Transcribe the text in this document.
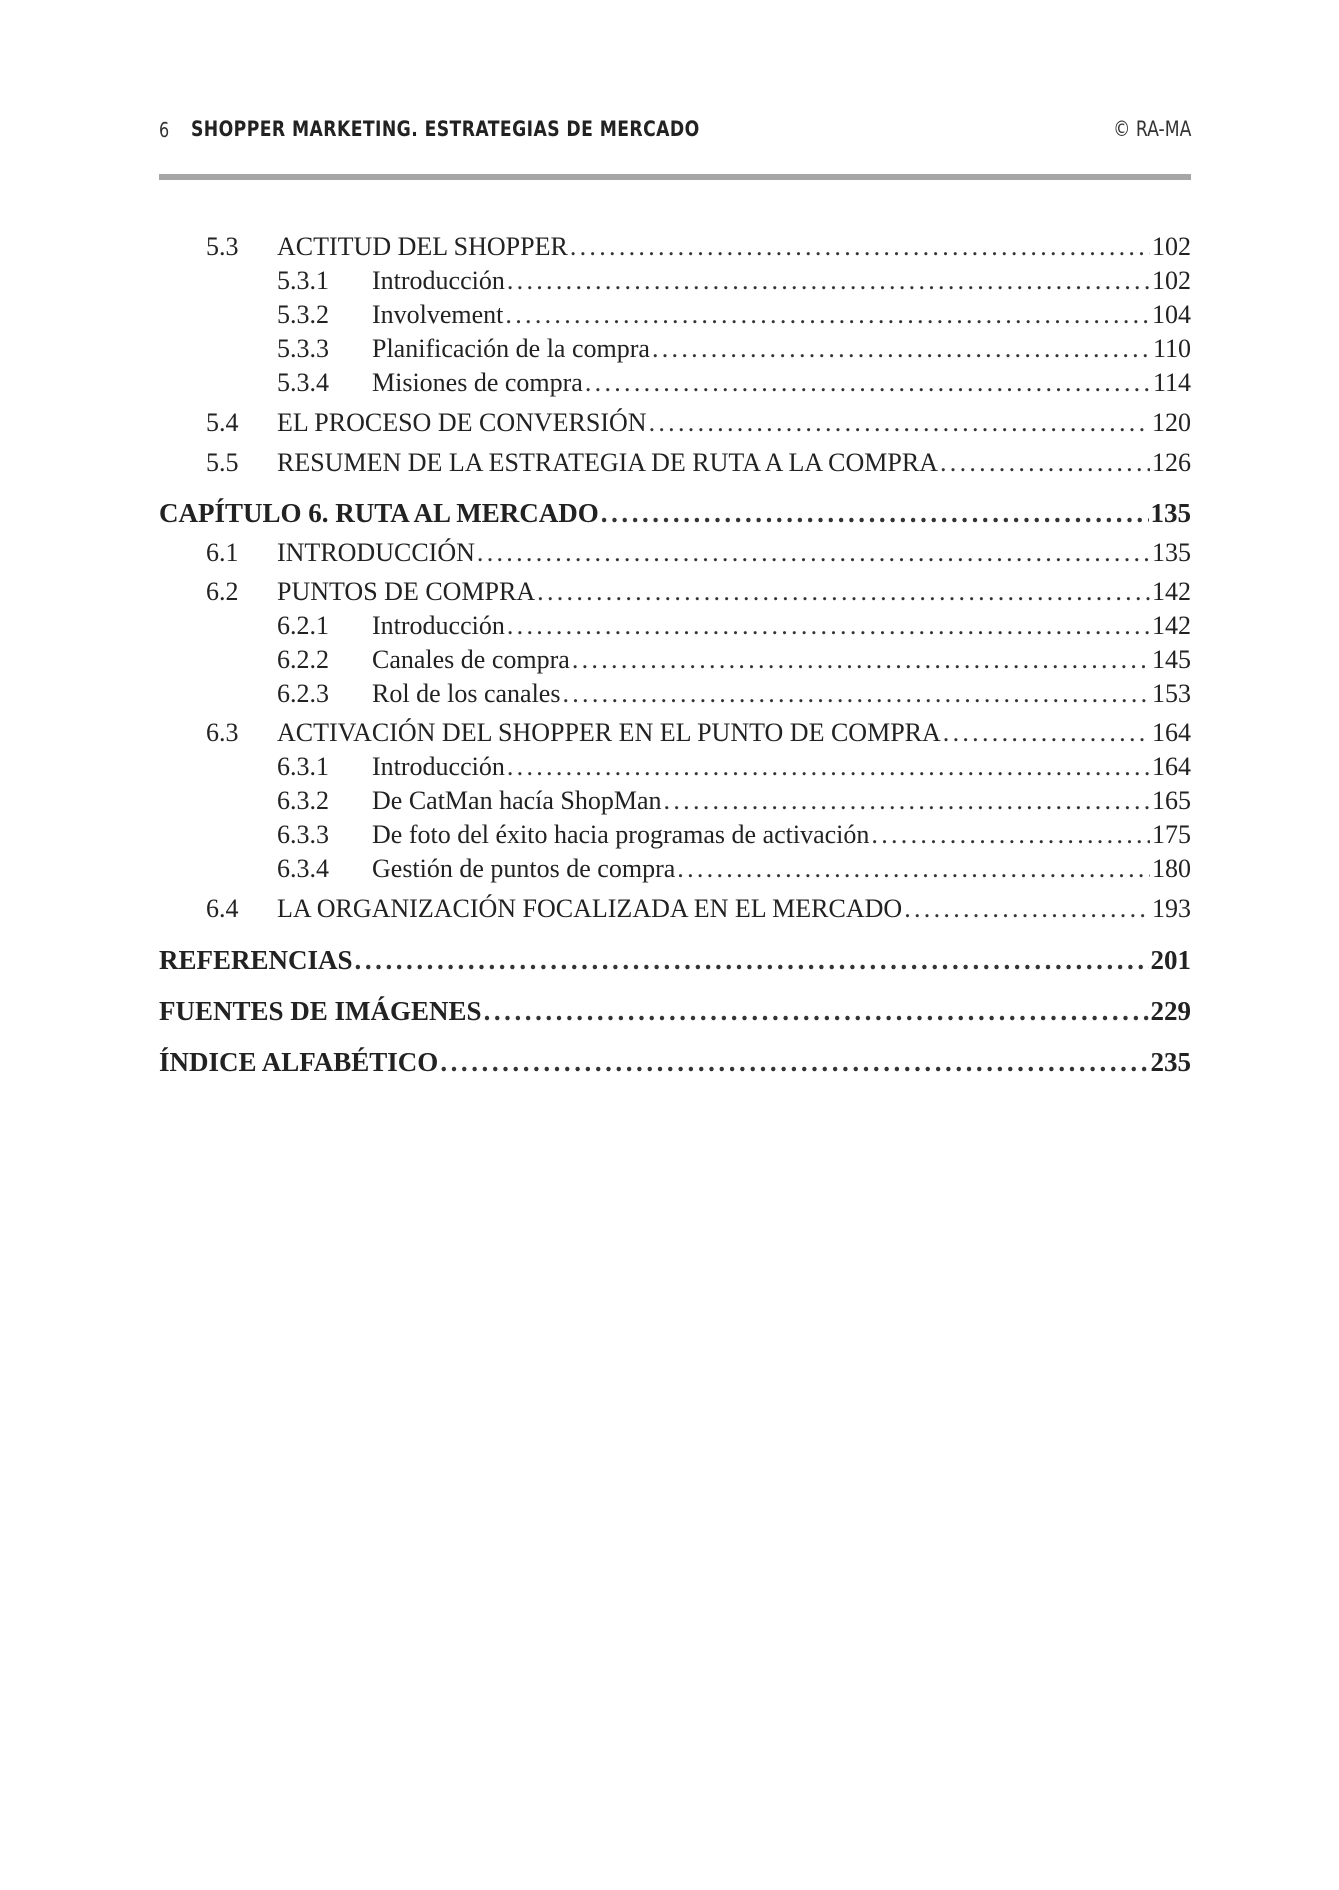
6 SHOPPER MARKETING. ESTRATEGIAS DE MERCADO	© RA-MA
5.3 ACTITUD DEL SHOPPER . . .	102
5.3.1 Introducción . . .	102
5.3.2 Involvement . . .	104
5.3.3 Planificación de la compra . . .	110
5.3.4 Misiones de compra . . .	114
5.4 EL PROCESO DE CONVERSIÓN . . .	120
5.5 RESUMEN DE LA ESTRATEGIA DE RUTA A LA COMPRA . . .	126
CAPÍTULO 6. RUTA AL MERCADO . . .	135
6.1 INTRODUCCIÓN . . .	135
6.2 PUNTOS DE COMPRA . . .	142
6.2.1 Introducción . . .	142
6.2.2 Canales de compra . . .	145
6.2.3 Rol de los canales . . .	153
6.3 ACTIVACIÓN DEL SHOPPER EN EL PUNTO DE COMPRA . . .	164
6.3.1 Introducción . . .	164
6.3.2 De CatMan hacía ShopMan . . .	165
6.3.3 De foto del éxito hacia programas de activación . . .	175
6.3.4 Gestión de puntos de compra . . .	180
6.4 LA ORGANIZACIÓN FOCALIZADA EN EL MERCADO . . .	193
REFERENCIAS . . .	201
FUENTES DE IMÁGENES . . .	229
ÍNDICE ALFABÉTICO . . .	235
